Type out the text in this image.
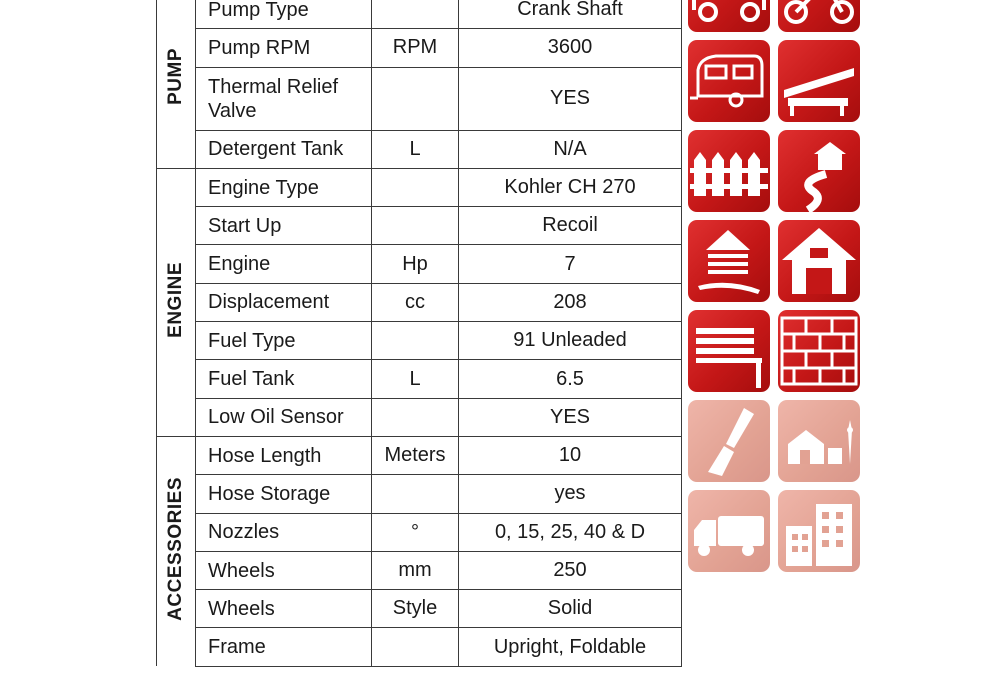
PUMP	Pump Type		Crank Shaft
	Pump RPM	RPM	3600
	Thermal Relief Valve		YES
	Detergent Tank	L	N/A
ENGINE	Engine Type		Kohler CH 270
	Start Up		Recoil
	Engine	Hp	7
	Displacement	cc	208
	Fuel Type		91 Unleaded
	Fuel Tank	L	6.5
	Low Oil Sensor		YES
ACCESSORIES	Hose Length	Meters	10
	Hose Storage		yes
	Nozzles	°	0, 15, 25, 40 & D
	Wheels	mm	250
	Wheels	Style	Solid
	Frame		Upright, Foldable
